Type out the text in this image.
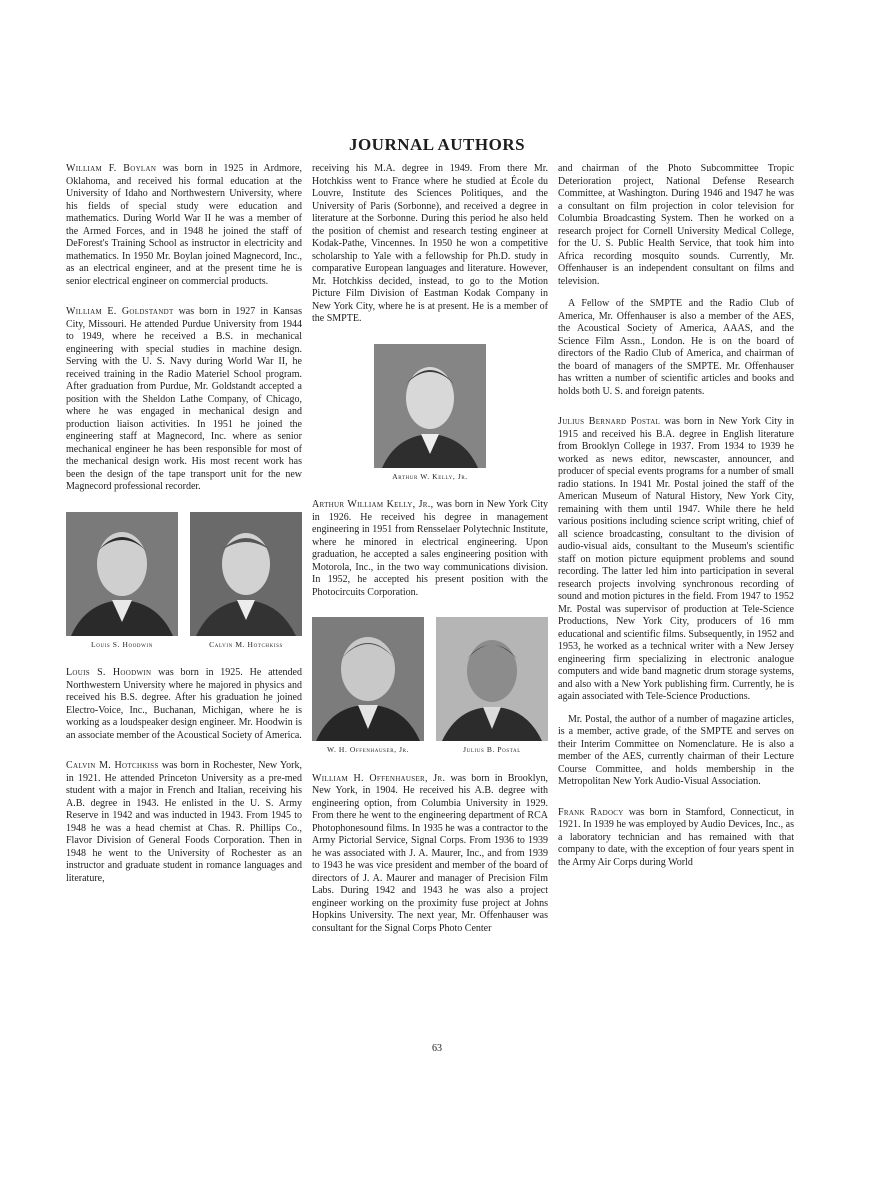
JOURNAL AUTHORS

William F. Boylan was born in 1925 in Ardmore, Oklahoma, and received his formal education at the University of Idaho and Northwestern University, where his fields of special study were education and mathematics. During World War II he was a member of the Armed Forces, and in 1948 he joined the staff of DeForest's Training School as instructor in electricity and mathematics. In 1950 Mr. Boylan joined Magnecord, Inc., as an electrical engineer, and at the present time he is senior electrical engineer on commercial products.

William E. Goldstandt was born in 1927 in Kansas City, Missouri. He attended Purdue University from 1944 to 1949, where he received a B.S. in mechanical engineering with special studies in machine design. Serving with the U. S. Navy during World War II, he received training in the Radio Materiel School program. After graduation from Purdue, Mr. Goldstandt accepted a position with the Sheldon Lathe Company, of Chicago, where he was engaged in mechanical design and production liaison activities. In 1951 he joined the engineering staff at Magnecord, Inc. where as senior mechanical engineer he has been responsible for most of the mechanical design work. His most recent work has been the design of the tape transport unit for the new Magnecord professional recorder.

Louis S. Hoodwin	Calvin M. Hotchkiss

Louis S. Hoodwin was born in 1925. He attended Northwestern University where he majored in physics and received his B.S. degree. After his graduation he joined Electro-Voice, Inc., Buchanan, Michigan, where he is working as a loudspeaker design engineer. Mr. Hoodwin is an associate member of the Acoustical Society of America.

Calvin M. Hotchkiss was born in Rochester, New York, in 1921. He attended Princeton University as a pre-med student with a major in French and Italian, receiving his A.B. degree in 1943. He enlisted in the U. S. Army Reserve in 1942 and was inducted in 1943. From 1945 to 1948 he was a head chemist at Chas. R. Phillips Co., Flavor Division of General Foods Corporation. Then in 1948 he went to the University of Rochester as an instructor and graduate student in romance languages and literature,

receiving his M.A. degree in 1949. From there Mr. Hotchkiss went to France where he studied at École du Louvre, Institute des Sciences Politiques, and the University of Paris (Sorbonne), and received a degree in literature at the Sorbonne. During this period he also held the position of chemist and research testing engineer at Kodak-Pathe, Vincennes. In 1950 he won a competitive scholarship to Yale with a fellowship for Ph.D. study in comparative European languages and literature. However, Mr. Hotchkiss decided, instead, to go to the Motion Picture Film Division of Eastman Kodak Company in New York City, where he is at present. He is a member of the SMPTE.

Arthur W. Kelly, Jr.

Arthur William Kelly, Jr., was born in New York City in 1926. He received his degree in management engineering in 1951 from Rensselaer Polytechnic Institute, where he minored in electrical engineering. Upon graduation, he accepted a sales engineering position with Motorola, Inc., in the two way communications division. In 1952, he accepted his present position with the Photocircuits Corporation.

W. H. Offenhauser, Jr.	Julius B. Postal

William H. Offenhauser, Jr. was born in Brooklyn, New York, in 1904. He received his A.B. degree with engineering option, from Columbia University in 1929. From there he went to the engineering department of RCA Photophonesound films. In 1935 he was a contractor to the Army Pictorial Service, Signal Corps. From 1936 to 1939 he was associated with J. A. Maurer, Inc., and from 1939 to 1943 he was vice president and member of the board of directors of J. A. Maurer and manager of Precision Film Labs. During 1942 and 1943 he was also a project engineer working on the proximity fuse project at Johns Hopkins University. The next year, Mr. Offenhauser was consultant for the Signal Corps Photo Center

and chairman of the Photo Subcommittee Tropic Deterioration project, National Defense Research Committee, at Washington. During 1946 and 1947 he was a consultant on film projection in color television for Columbia Broadcasting System. Then he worked on a research project for Cornell University Medical College, for the U. S. Public Health Service, that took him into Africa recording mosquito sounds. Currently, Mr. Offenhauser is an independent consultant on films and television.

A Fellow of the SMPTE and the Radio Club of America, Mr. Offenhauser is also a member of the AES, the Acoustical Society of America, AAAS, and the Science Film Assn., London. He is on the board of directors of the Radio Club of America, and chairman of the board of managers of the SMPTE. Mr. Offenhauser has written a number of scientific articles and books and holds both U. S. and foreign patents.

Julius Bernard Postal was born in New York City in 1915 and received his B.A. degree in English literature from Brooklyn College in 1937. From 1934 to 1939 he worked as news editor, newscaster, announcer, and producer of special events programs for a number of small radio stations. In 1941 Mr. Postal joined the staff of the American Museum of Natural History, New York City, remaining with them until 1947. While there he held various positions including science script writing, chief of all science broadcasting, consultant to the division of audio-visual aids, consultant to the Museum's scientific staff on motion picture equipment problems and sound recording. The latter led him into participation in several research projects involving synchronous recording of sound and motion pictures in the field. From 1947 to 1952 Mr. Postal was supervisor of production at Tele-Science Productions, New York City, producers of 16 mm educational and scientific films. Subsequently, in 1952 and 1953, he worked as a technical writer with a New Jersey engineering firm specializing in electronic analogue computers and wide band magnetic drum storage systems, and also with a New York publishing firm. Currently, he is again associated with Tele-Science Productions.

Mr. Postal, the author of a number of magazine articles, is a member, active grade, of the SMPTE and serves on their Interim Committee on Nomenclature. He is also a member of the AES, currently chairman of their Lecture Course Committee, and holds membership in the Metropolitan New York Audio-Visual Association.

Frank Radocy was born in Stamford, Connecticut, in 1921. In 1939 he was employed by Audio Devices, Inc., as a laboratory technician and has remained with that company to date, with the exception of four years spent in the Army Air Corps during World

63
